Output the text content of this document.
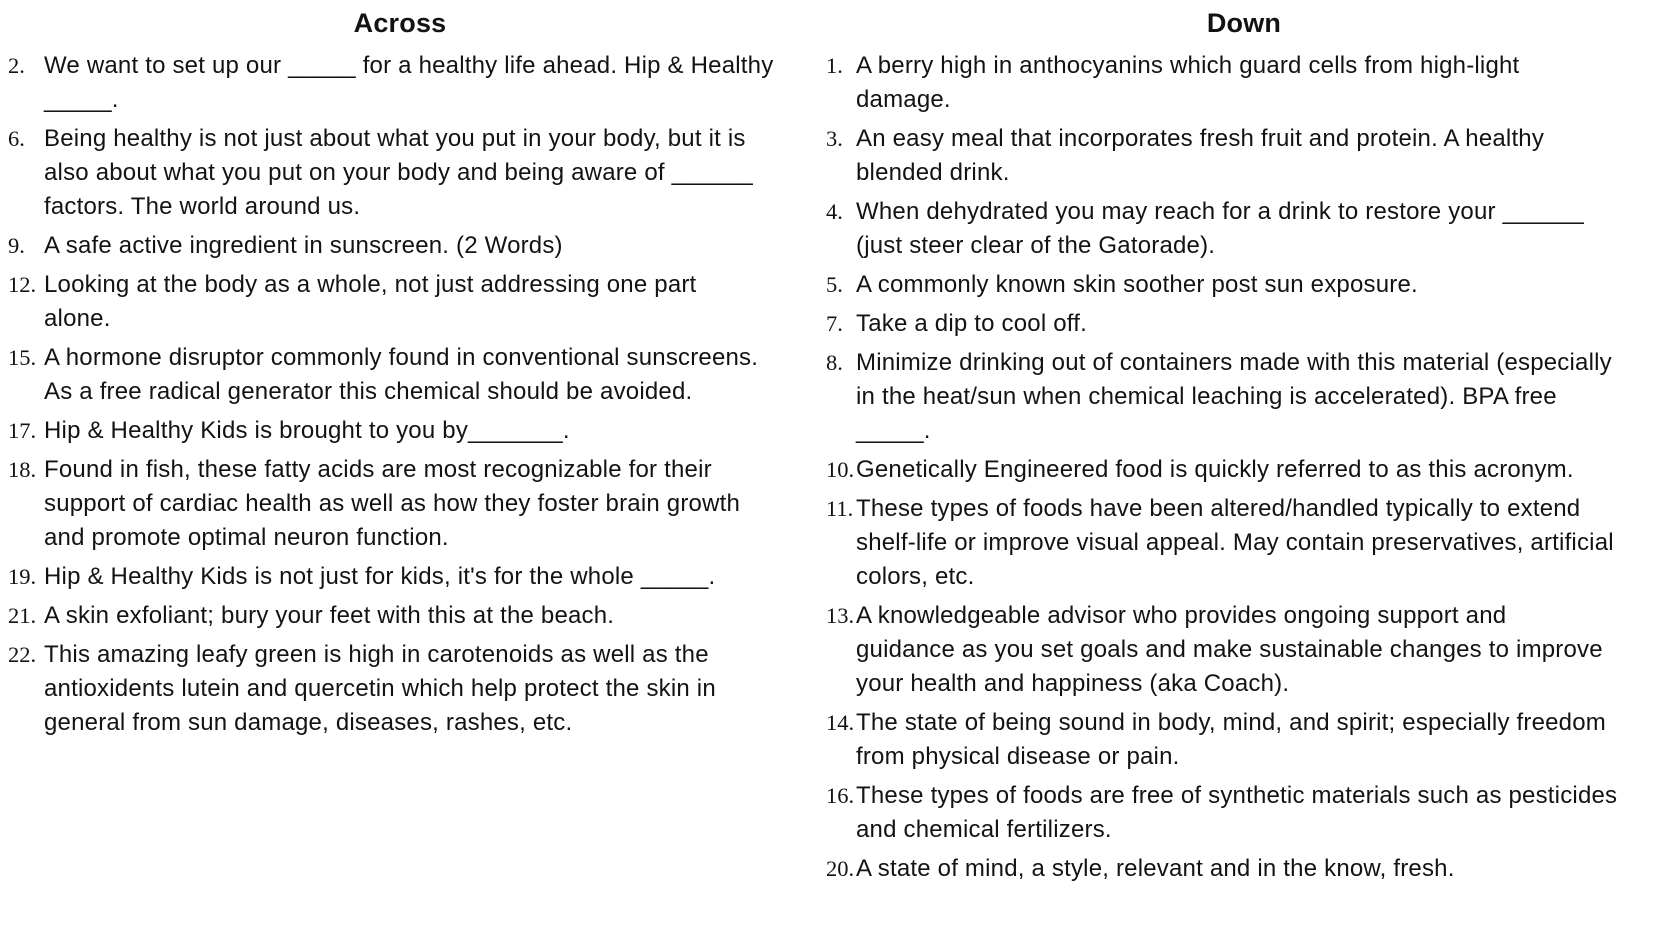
Across
2. We want to set up our _____ for a healthy life ahead. Hip & Healthy
_____.
6. Being healthy is not just about what you put in your body, but it is
also about what you put on your body and being aware of ______
factors. The world around us.
9. A safe active ingredient in sunscreen. (2 Words)
12. Looking at the body as a whole, not just addressing one part
alone.
15. A hormone disruptor commonly found in conventional sunscreens.
As a free radical generator this chemical should be avoided.
17. Hip & Healthy Kids is brought to you by_______.
18. Found in fish, these fatty acids are most recognizable for their
support of cardiac health as well as how they foster brain growth
and promote optimal neuron function.
19. Hip & Healthy Kids is not just for kids, it's for the whole _____.
21. A skin exfoliant; bury your feet with this at the beach.
22. This amazing leafy green is high in carotenoids as well as the
antioxidents lutein and quercetin which help protect the skin in
general from sun damage, diseases, rashes, etc.
Down
1. A berry high in anthocyanins which guard cells from high-light
damage.
3. An easy meal that incorporates fresh fruit and protein. A healthy
blended drink.
4. When dehydrated you may reach for a drink to restore your ______
(just steer clear of the Gatorade).
5. A commonly known skin soother post sun exposure.
7. Take a dip to cool off.
8. Minimize drinking out of containers made with this material (especially
in the heat/sun when chemical leaching is accelerated). BPA free
_____.
10. Genetically Engineered food is quickly referred to as this acronym.
11. These types of foods have been altered/handled typically to extend
shelf-life or improve visual appeal. May contain preservatives, artificial
colors, etc.
13. A knowledgeable advisor who provides ongoing support and
guidance as you set goals and make sustainable changes to improve
your health and happiness (aka Coach).
14. The state of being sound in body, mind, and spirit; especially freedom
from physical disease or pain.
16. These types of foods are free of synthetic materials such as pesticides
and chemical fertilizers.
20. A state of mind, a style, relevant and in the know, fresh.
